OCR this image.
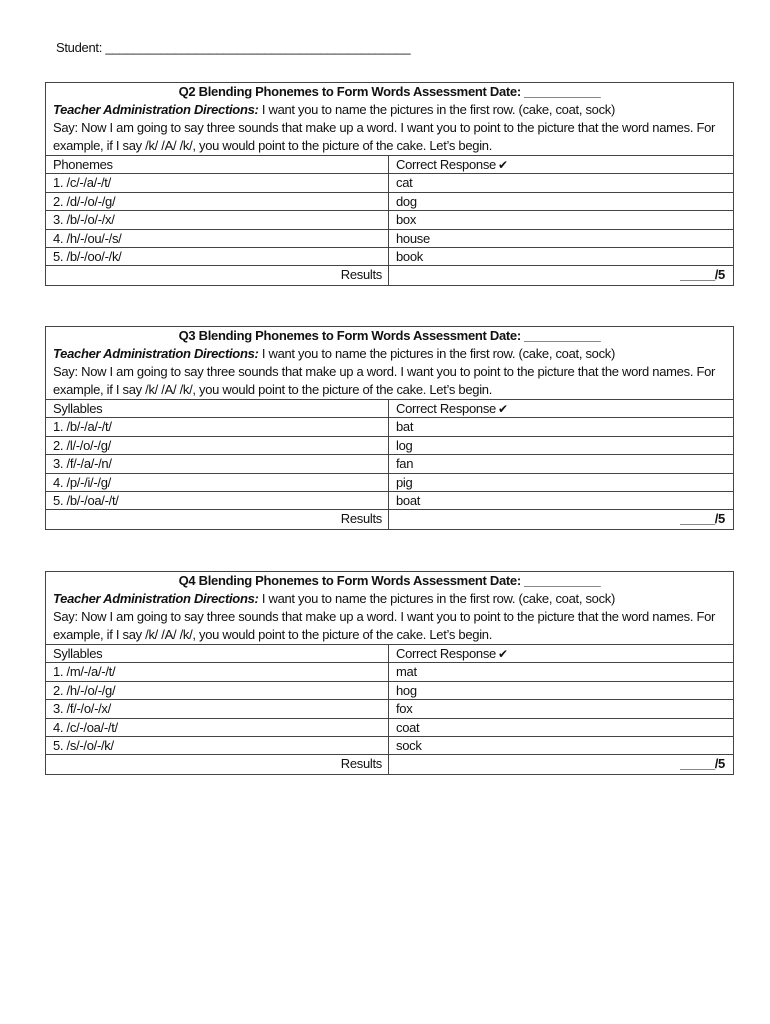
Student: ____________________________________________
Q2 Blending Phonemes to Form Words Assessment Date: ___________
Teacher Administration Directions: I want you to name the pictures in the first row. (cake, coat, sock)
Say: Now I am going to say three sounds that make up a word. I want you to point to the picture that the word names. For example, if I say /k/ /A/ /k/, you would point to the picture of the cake. Let’s begin.
Phonemes	Correct Response ✔
1. /c/-/a/-/t/	cat
2. /d/-/o/-/g/	dog
3. /b/-/o/-/x/	box
4. /h/-/ou/-/s/	house
5. /b/-/oo/-/k/	book
Results	_____/5
Q3 Blending Phonemes to Form Words Assessment Date: ___________
Teacher Administration Directions: I want you to name the pictures in the first row. (cake, coat, sock)
Say: Now I am going to say three sounds that make up a word. I want you to point to the picture that the word names. For example, if I say /k/ /A/ /k/, you would point to the picture of the cake. Let’s begin.
Syllables	Correct Response ✔
1. /b/-/a/-/t/	bat
2. /l/-/o/-/g/	log
3. /f/-/a/-/n/	fan
4. /p/-/i/-/g/	pig
5. /b/-/oa/-/t/	boat
Results	_____/5
Q4 Blending Phonemes to Form Words Assessment Date: ___________
Teacher Administration Directions: I want you to name the pictures in the first row. (cake, coat, sock)
Say: Now I am going to say three sounds that make up a word. I want you to point to the picture that the word names. For example, if I say /k/ /A/ /k/, you would point to the picture of the cake. Let’s begin.
Syllables	Correct Response ✔
1. /m/-/a/-/t/	mat
2. /h/-/o/-/g/	hog
3. /f/-/o/-/x/	fox
4. /c/-/oa/-/t/	coat
5. /s/-/o/-/k/	sock
Results	_____/5
